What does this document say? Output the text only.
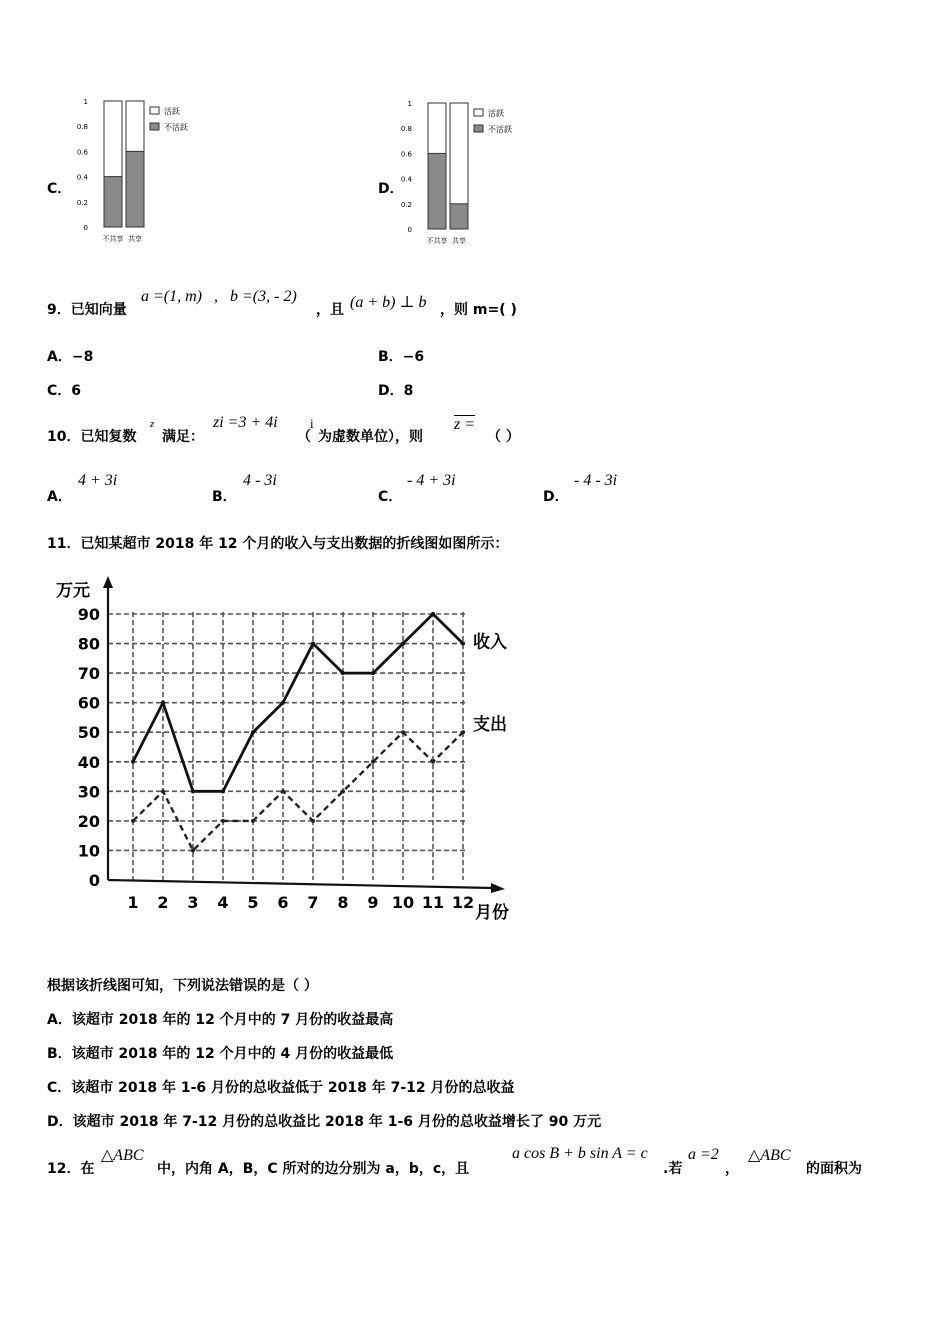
C．
1
0.8
0.6
0.4
0.2
0
不共享 共享
活跃
不活跃
D．
1
0.8
0.6
0.4
0.2
0
不共享 共享
活跃
不活跃
9．已知向量
a =(1, m) , b =(3, - 2)
，且 (a + b) ⊥ b ，则 m=( )
A．−8	B．−6
C．6	D．8
10．已知复数
z
满足：
zi =3 + 4i
（
i
为虚数单位），则
z =
（ ）
A．
4 + 3i
B．
4 - 3i
C．
- 4 + 3i
D．
- 4 - 3i
11．已知某超市 2018 年 12 个月的收入与支出数据的折线图如图所示：
万元
月份
0
10
20
30
40
50
60
70
80
90
1 2 3 4 5 6 7 8 9 10 11 12
收入
支出
根据该折线图可知，下列说法错误的是（ ）
A．该超市 2018 年的 12 个月中的 7 月份的收益最高
B．该超市 2018 年的 12 个月中的 4 月份的收益最低
C．该超市 2018 年 1-6 月份的总收益低于 2018 年 7-12 月份的总收益
D．该超市 2018 年 7-12 月份的总收益比 2018 年 1-6 月份的总收益增长了 90 万元
12．在
△ABC
中，内角 A，B，C 所对的边分别为 a，b，c，且
a cos B + b sin A = c
.若
a =2
，
△ABC
的面积为
